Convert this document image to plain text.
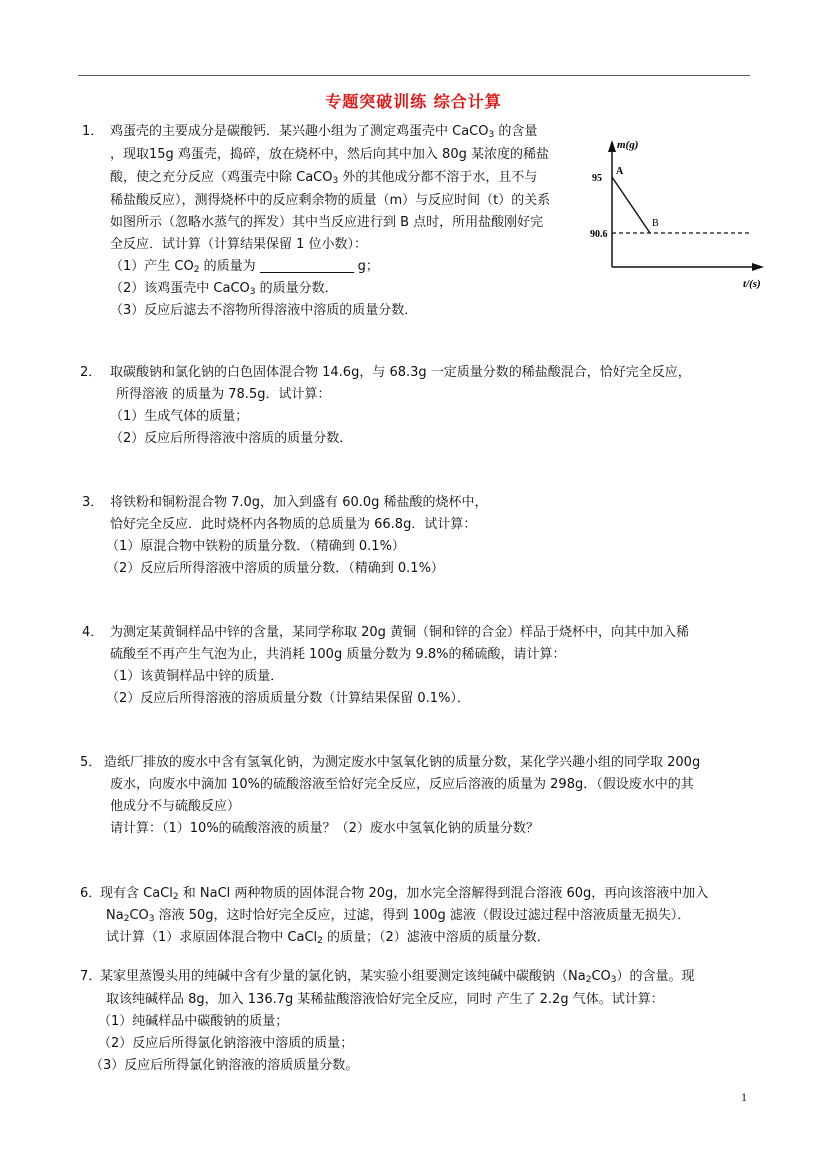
专题突破训练 综合计算
1． 鸡蛋壳的主要成分是碳酸钙．某兴趣小组为了测定鸡蛋壳中 CaCO$_3$ 的含量
，现取15g 鸡蛋壳，捣碎，放在烧杯中，然后向其中加入 80g 某浓度的稀盐
酸，使之充分反应（鸡蛋壳中除 CaCO$_3$ 外的其他成分都不溶于水，且不与
稀盐酸反应），测得烧杯中的反应剩余物的质量（m）与反应时间（t）的关系
如图所示（忽略水蒸气的挥发）其中当反应进行到 B 点时，所用盐酸刚好完
全反应．试计算（计算结果保留 1 位小数）：
（1）产生 $CO_2$ 的质量为	g；
（2）该鸡蛋壳中 CaCO$_3$ 的质量分数．
（3）反应后滤去不溶物所得溶液中溶质的质量分数．
m(g)
t/(s)
95
90.6
A
B
2． 取碳酸钠和氯化钠的白色固体混合物 14.6g，与 68.3g 一定质量分数的稀盐酸混合，恰好完全反应，
所得溶液 的质量为 78.5g．试计算：
（1）生成气体的质量；
（2）反应后所得溶液中溶质的质量分数．
3． 将铁粉和铜粉混合物 7.0g，加入到盛有 60.0g 稀盐酸的烧杯中，
恰好完全反应．此时烧杯内各物质的总质量为 66.8g．试计算：
（1）原混合物中铁粉的质量分数．（精确到 0.1%）
（2）反应后所得溶液中溶质的质量分数．（精确到 0.1%）
4． 为测定某黄铜样品中锌的含量，某同学称取 20g 黄铜（铜和锌的合金）样品于烧杯中，向其中加入稀
硫酸至不再产生气泡为止，共消耗 100g 质量分数为 9.8%的稀硫酸，请计算：
（1）该黄铜样品中锌的质量．
（2）反应后所得溶液的溶质质量分数（计算结果保留 0.1%）．
5． 造纸厂排放的废水中含有氢氧化钠，为测定废水中氢氧化钠的质量分数，某化学兴趣小组的同学取 200g
废水，向废水中滴加 10%的硫酸溶液至恰好完全反应，反应后溶液的质量为 298g．（假设废水中的其
他成分不与硫酸反应）
请计算：（1）10%的硫酸溶液的质量？（2）废水中氢氧化钠的质量分数？
6．
现有含 CaCl$_2$ 和 NaCl 两种物质的固体混合物 20g，加水完全溶解得到混合溶液 60g，再向该溶液中加入
$Na_2CO_3$ 溶液 50g，这时恰好完全反应，过滤，得到 100g 滤液（假设过滤过程中溶液质量无损失）．
试计算（1）求原固体混合物中 CaCl$_2$ 的质量；（2）滤液中溶质的质量分数．
7．
某家里蒸馒头用的纯碱中含有少量的氯化钠，某实验小组要测定该纯碱中碳酸钠$(Na_2CO_3)$的含量。现
取该纯碱样品 8g，加入 136.7g 某稀盐酸溶液恰好完全反应，同时 产生了 2.2g 气体。试计算：
（1）纯碱样品中碳酸钠的质量；
（2）反应后所得氯化钠溶液中溶质的质量；
（3）反应后所得氯化钠溶液的溶质质量分数。
1
